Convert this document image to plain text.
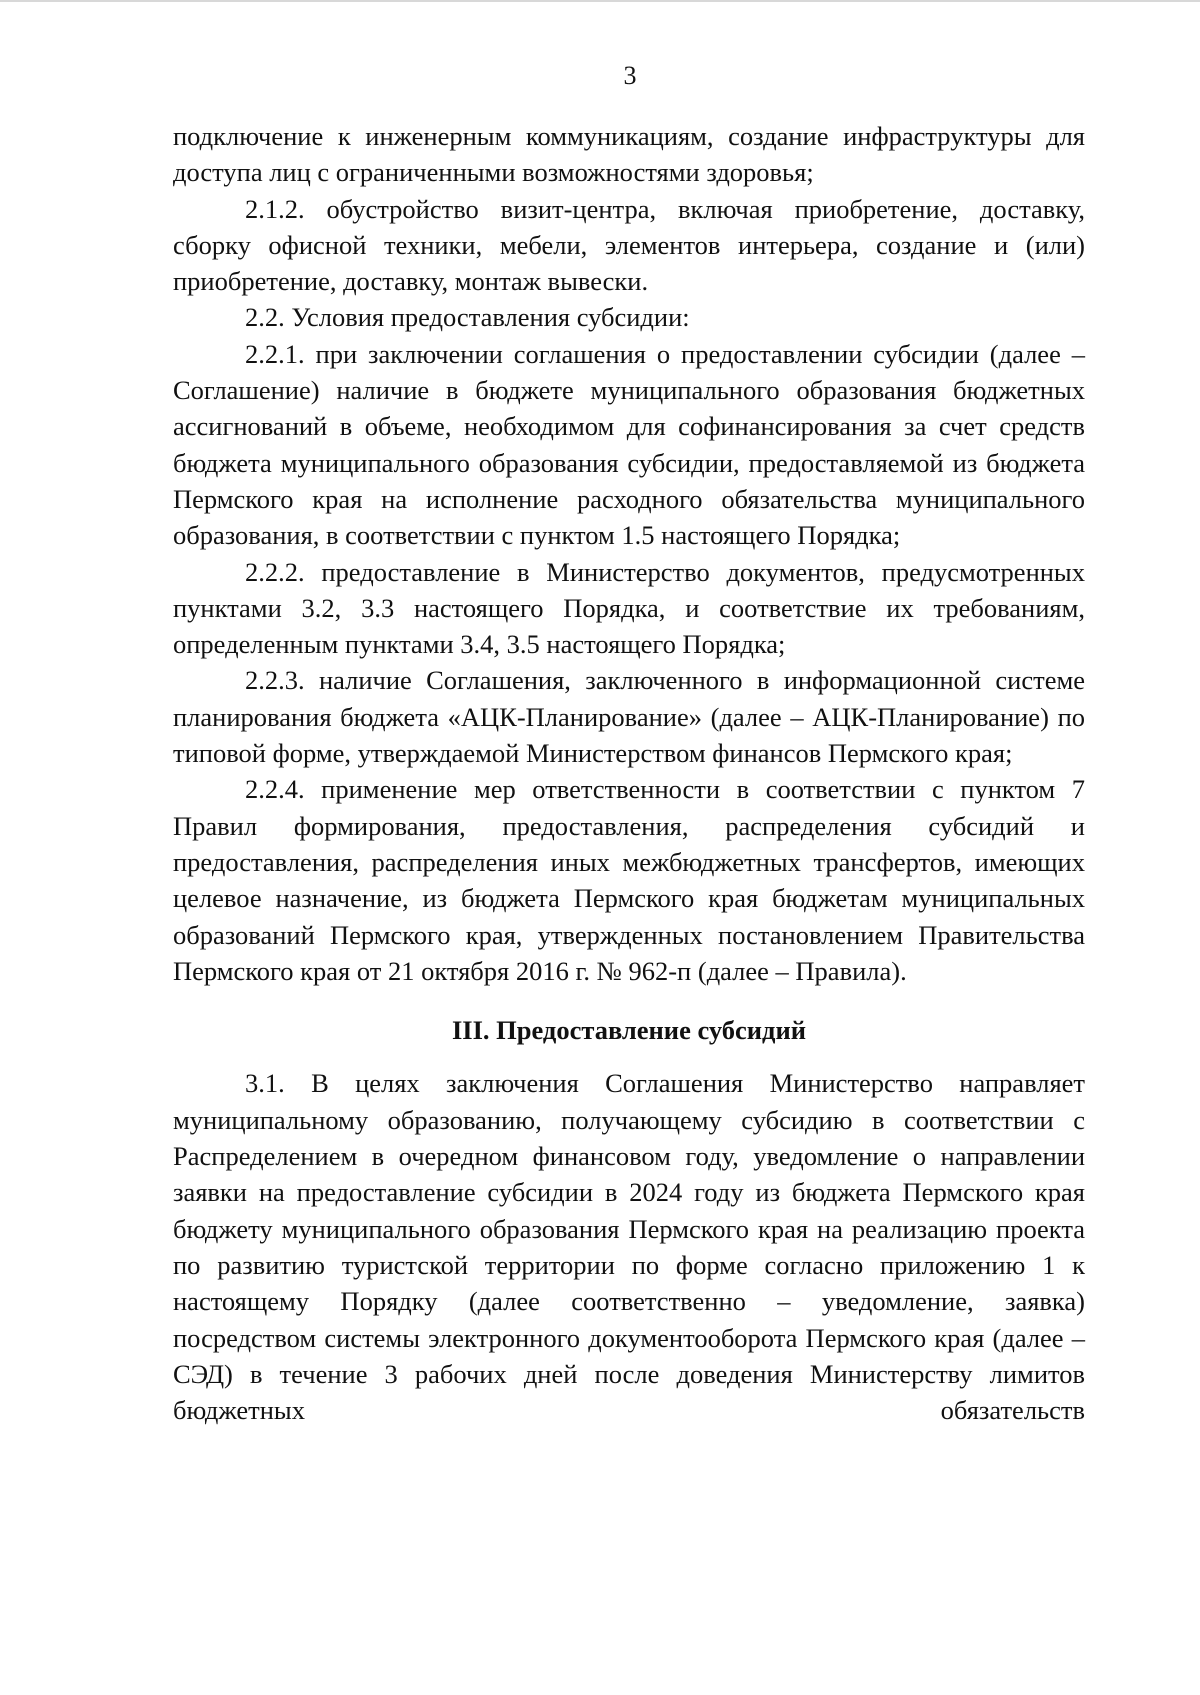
3

подключение к инженерным коммуникациям, создание инфраструктуры для доступа лиц с ограниченными возможностями здоровья;

2.1.2. обустройство визит-центра, включая приобретение, доставку, сборку офисной техники, мебели, элементов интерьера, создание и (или) приобретение, доставку, монтаж вывески.

2.2. Условия предоставления субсидии:

2.2.1. при заключении соглашения о предоставлении субсидии (далее – Соглашение) наличие в бюджете муниципального образования бюджетных ассигнований в объеме, необходимом для софинансирования за счет средств бюджета муниципального образования субсидии, предоставляемой из бюджета Пермского края на исполнение расходного обязательства муниципального образования, в соответствии с пунктом 1.5 настоящего Порядка;

2.2.2. предоставление в Министерство документов, предусмотренных пунктами 3.2, 3.3 настоящего Порядка, и соответствие их требованиям, определенным пунктами 3.4, 3.5 настоящего Порядка;

2.2.3. наличие Соглашения, заключенного в информационной системе планирования бюджета «АЦК-Планирование» (далее – АЦК-Планирование) по типовой форме, утверждаемой Министерством финансов Пермского края;

2.2.4. применение мер ответственности в соответствии с пунктом 7 Правил формирования, предоставления, распределения субсидий и предоставления, распределения иных межбюджетных трансфертов, имеющих целевое назначение, из бюджета Пермского края бюджетам муниципальных образований Пермского края, утвержденных постановлением Правительства Пермского края от 21 октября 2016 г. № 962-п (далее – Правила).

III. Предоставление субсидий

3.1. В целях заключения Соглашения Министерство направляет муниципальному образованию, получающему субсидию в соответствии с Распределением в очередном финансовом году, уведомление о направлении заявки на предоставление субсидии в 2024 году из бюджета Пермского края бюджету муниципального образования Пермского края на реализацию проекта по развитию туристской территории по форме согласно приложению 1 к настоящему Порядку (далее соответственно – уведомление, заявка) посредством системы электронного документооборота Пермского края (далее – СЭД) в течение 3 рабочих дней после доведения Министерству лимитов бюджетных обязательств
